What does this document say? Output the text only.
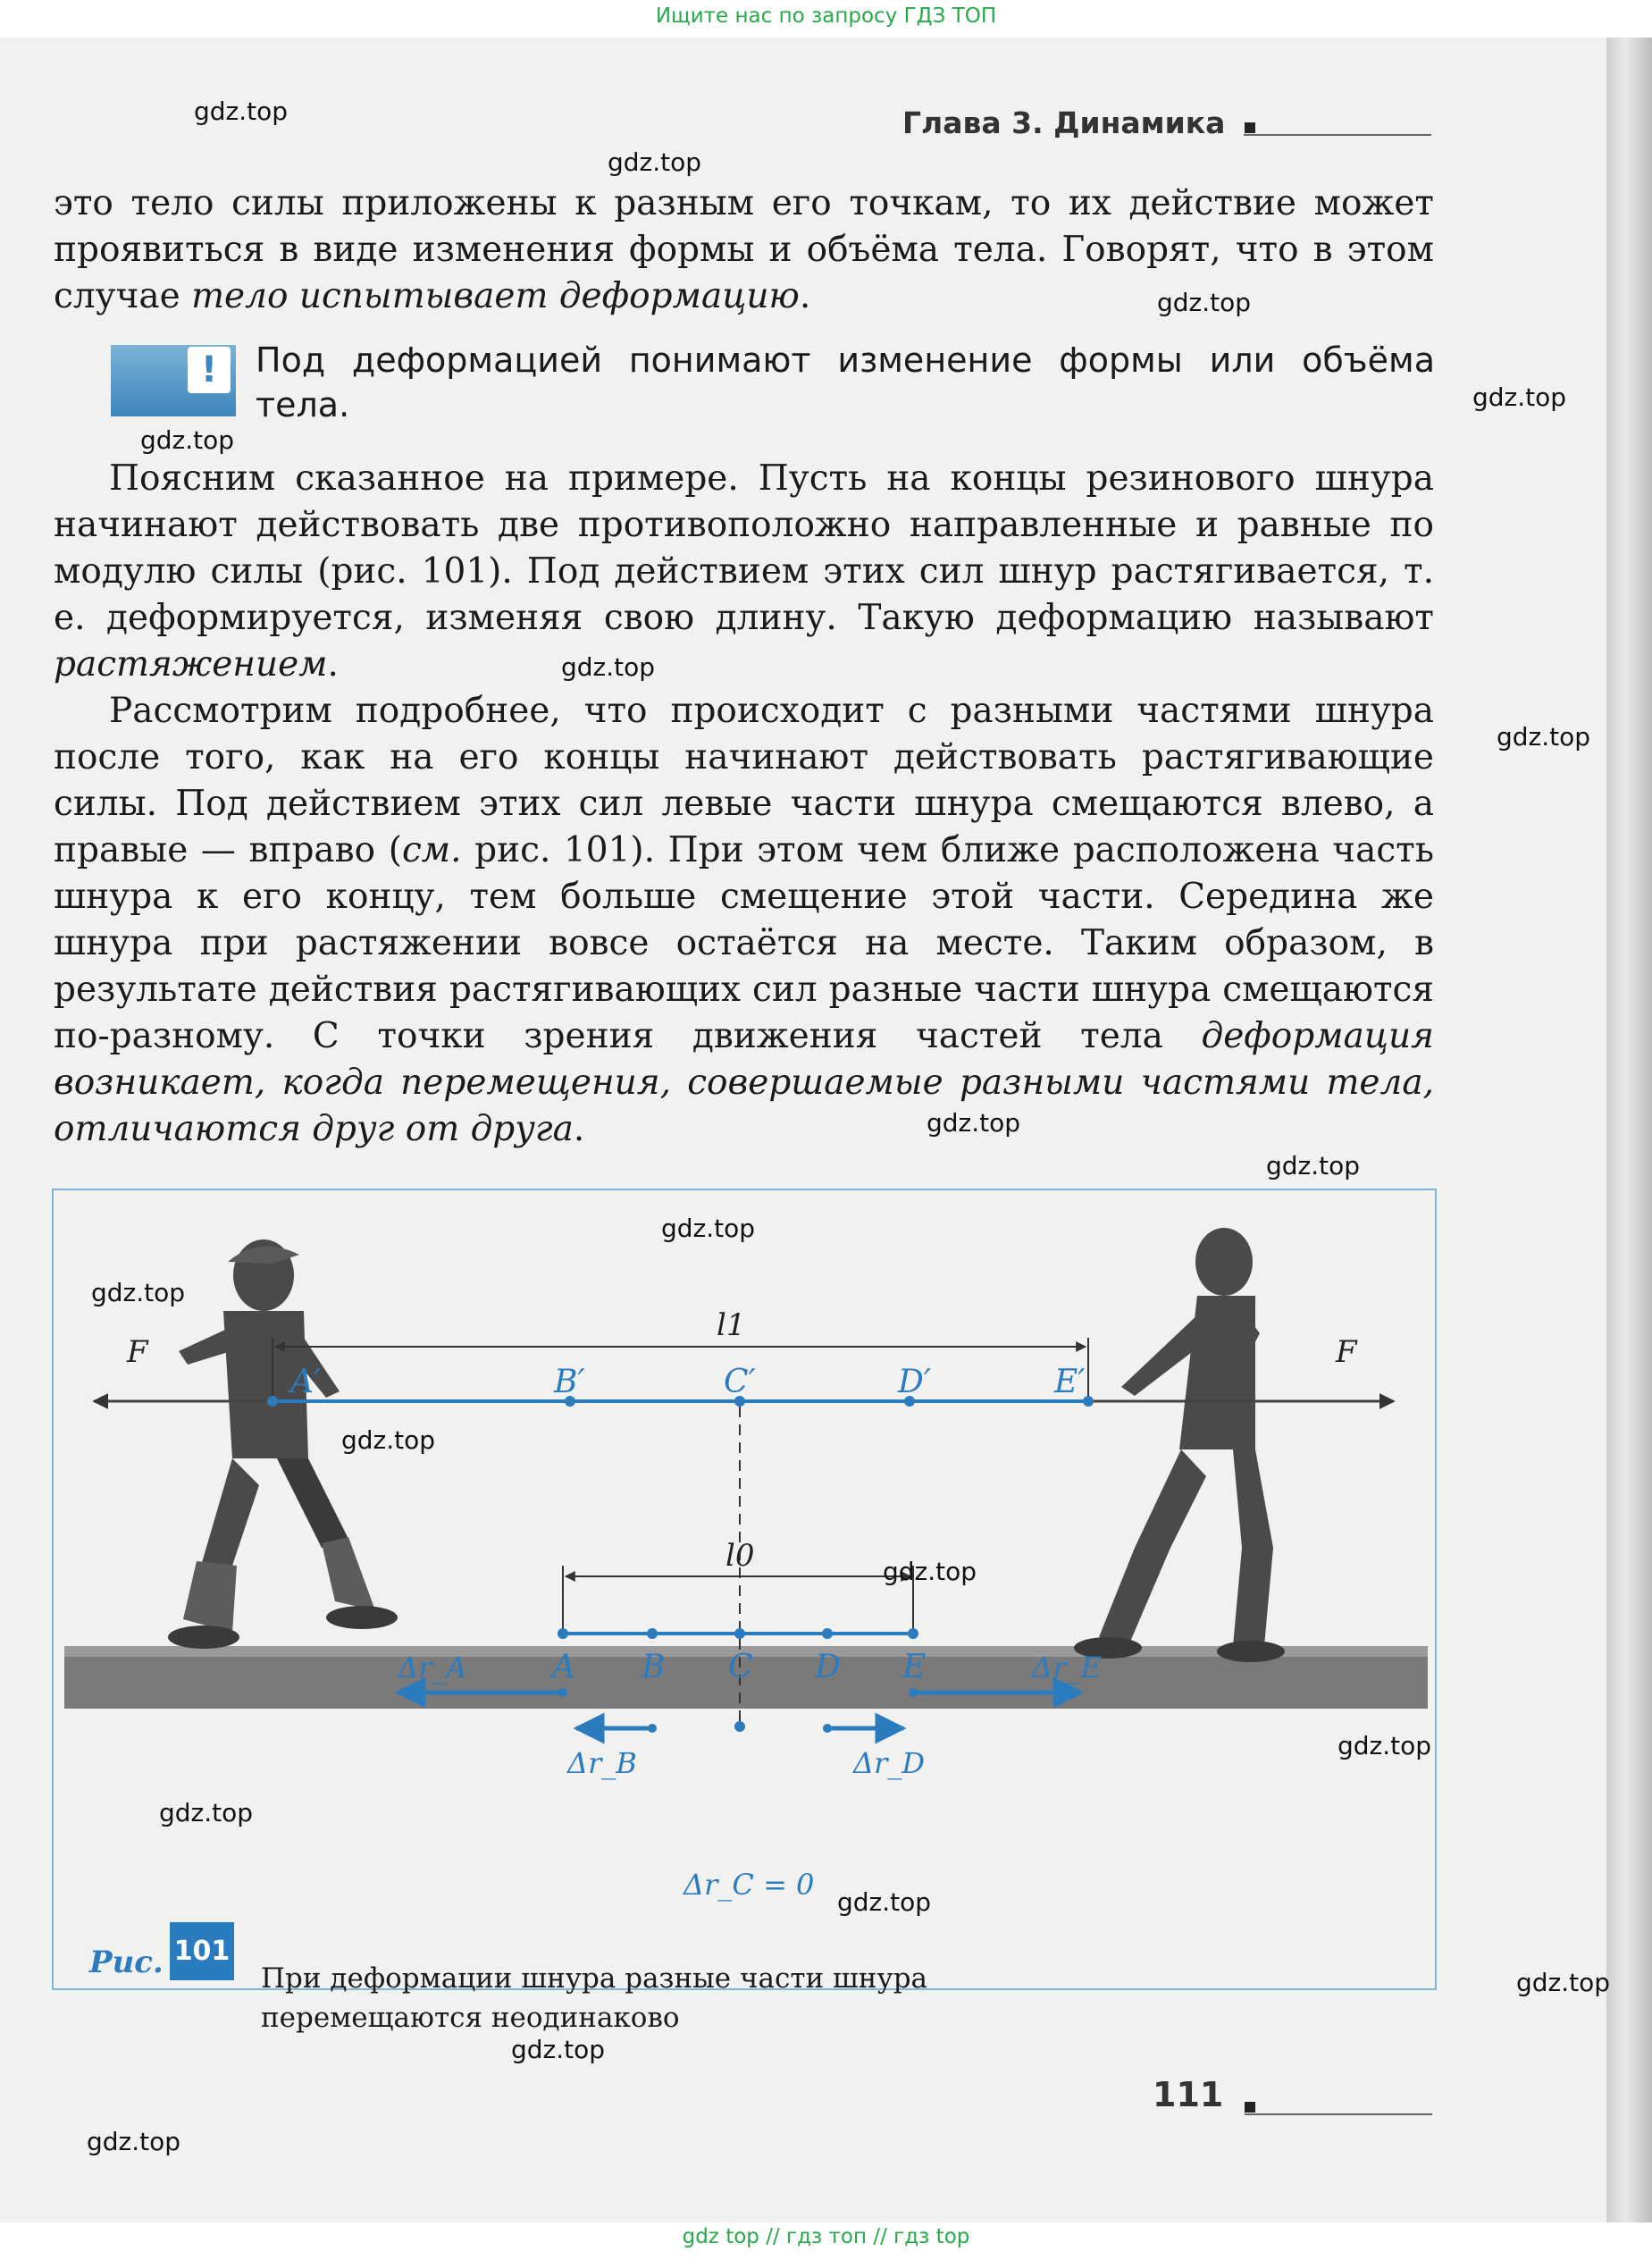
Ищите нас по запросу ГДЗ ТОП
Глава 3. Динамика
это тело силы приложены к разным его точкам, то их действие может проявиться в виде изменения формы и объёма тела. Говорят, что в этом случае тело испытывает деформацию.
!	Под деформацией понимают изменение формы или объёма тела.
Поясним сказанное на примере. Пусть на концы резинового шнура начинают действовать две противоположно направленные и равные по модулю силы (рис. 101). Под действием этих сил шнур растягивается, т. е. деформируется, изменяя свою длину. Такую деформацию называют растяжением.
Рассмотрим подробнее, что происходит с разными частями шнура после того, как на его концы начинают действовать растягивающие силы. Под действием этих сил левые части шнура смещаются влево, а правые — вправо (см. рис. 101). При этом чем ближе расположена часть шнура к его концу, тем больше смещение этой части. Середина же шнура при растяжении вовсе остаётся на месте. Таким образом, в результате действия растягивающих сил разные части шнура смещаются по-разному. С точки зрения движения частей тела деформация возникает, когда перемещения, совершаемые разными частями тела, отличаются друг от друга.
F	F
l1
A′	B′	C′	D′	E′
l0
A B C D E
Δr_A
Δr_B
Δr_C = 0
Δr_D
Δr_E
Рис. 101
При деформации шнура разные части шнура перемещаются неодинаково
111
gdz.top
gdz.top
gdz.top
gdz.top
gdz.top
gdz.top
gdz.top
gdz.top
gdz.top
gdz.top
gdz.top
gdz.top
gdz.top
gdz.top
gdz.top
gdz.top
gdz.top
gdz.top
gdz.top
gdz top // гдз топ // гдз top
